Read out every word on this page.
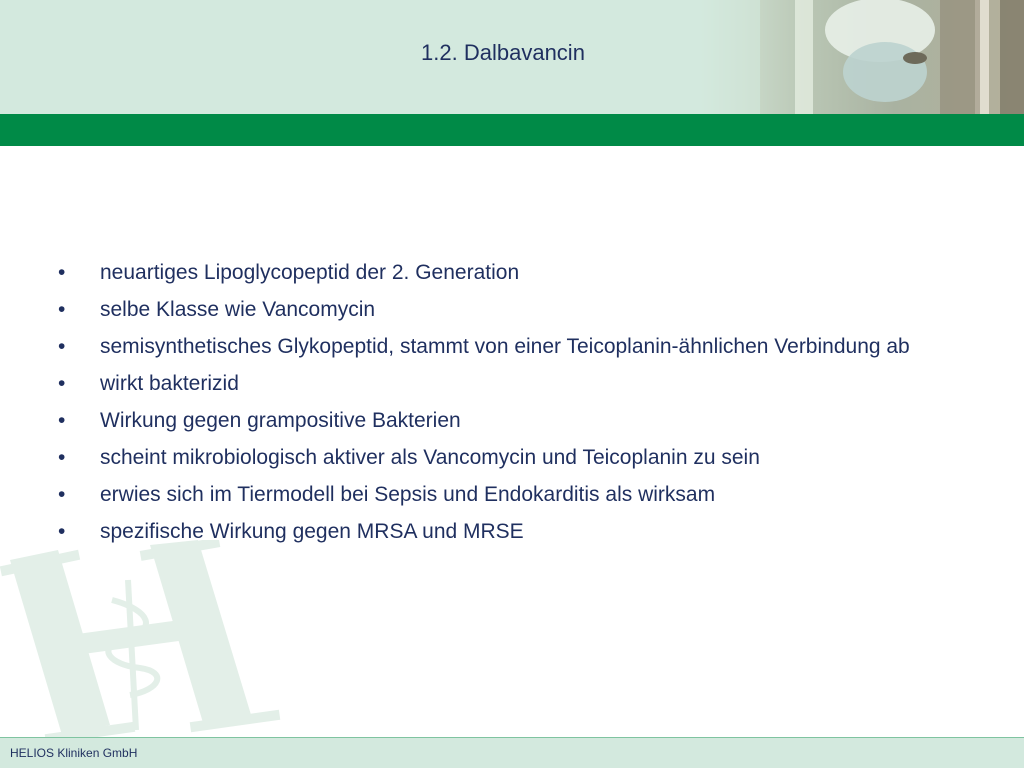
1.2. Dalbavancin
•	neuartiges Lipoglycopeptid der 2. Generation
•	selbe Klasse wie Vancomycin
•	semisynthetisches Glykopeptid, stammt von einer Teicoplanin-ähnlichen Verbindung ab
•	wirkt bakterizid
•	Wirkung gegen grampositive Bakterien
•	scheint mikrobiologisch aktiver als Vancomycin und Teicoplanin zu sein
•	erwies sich im Tiermodell bei Sepsis und Endokarditis als wirksam
•	spezifische Wirkung gegen MRSA und MRSE
HELIOS Kliniken GmbH
